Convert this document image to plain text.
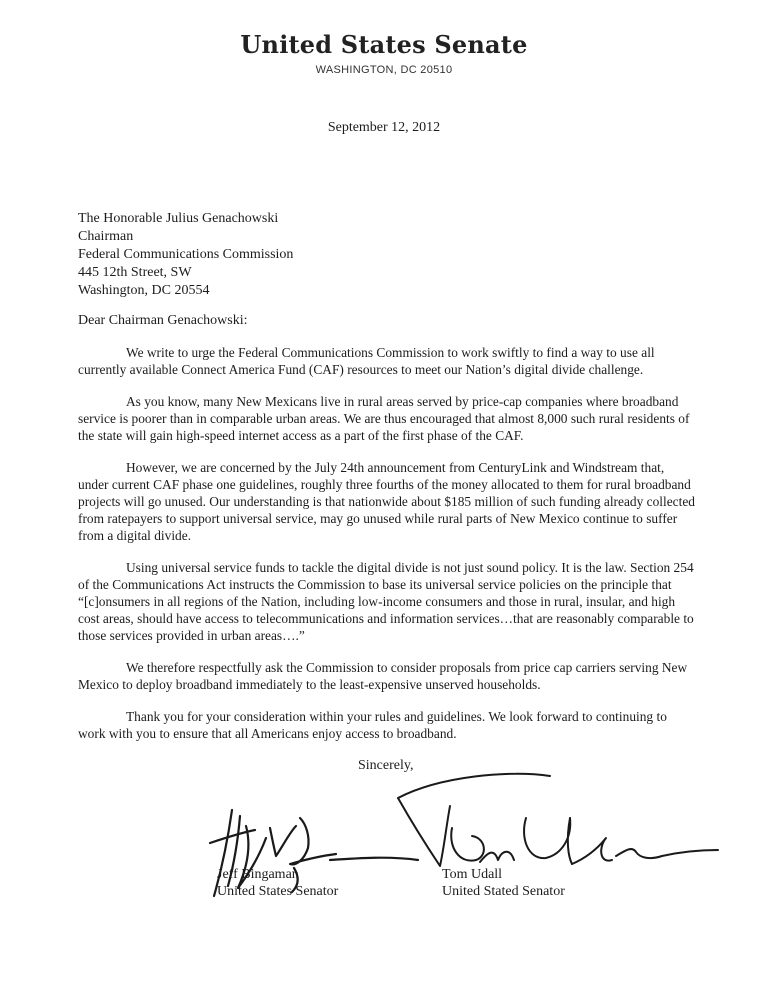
United States Senate
WASHINGTON, DC 20510
September 12, 2012
The Honorable Julius Genachowski
Chairman
Federal Communications Commission
445 12th Street, SW
Washington, DC 20554
Dear Chairman Genachowski:

We write to urge the Federal Communications Commission to work swiftly to find a way to use all currently available Connect America Fund (CAF) resources to meet our Nation’s digital divide challenge.

As you know, many New Mexicans live in rural areas served by price-cap companies where broadband service is poorer than in comparable urban areas. We are thus encouraged that almost 8,000 such rural residents of the state will gain high-speed internet access as a part of the first phase of the CAF.

However, we are concerned by the July 24th announcement from CenturyLink and Windstream that, under current CAF phase one guidelines, roughly three fourths of the money allocated to them for rural broadband projects will go unused. Our understanding is that nationwide about $185 million of such funding already collected from ratepayers to support universal service, may go unused while rural parts of New Mexico continue to suffer from a digital divide.

Using universal service funds to tackle the digital divide is not just sound policy. It is the law. Section 254 of the Communications Act instructs the Commission to base its universal service policies on the principle that “[c]onsumers in all regions of the Nation, including low-income consumers and those in rural, insular, and high cost areas, should have access to telecommunications and information services…that are reasonably comparable to those services provided in urban areas….”

We therefore respectfully ask the Commission to consider proposals from price cap carriers serving New Mexico to deploy broadband immediately to the least-expensive unserved households.

Thank you for your consideration within your rules and guidelines. We look forward to continuing to work with you to ensure that all Americans enjoy access to broadband.

Sincerely,
Jeff Bingaman
United States Senator
Tom Udall
United Stated Senator
